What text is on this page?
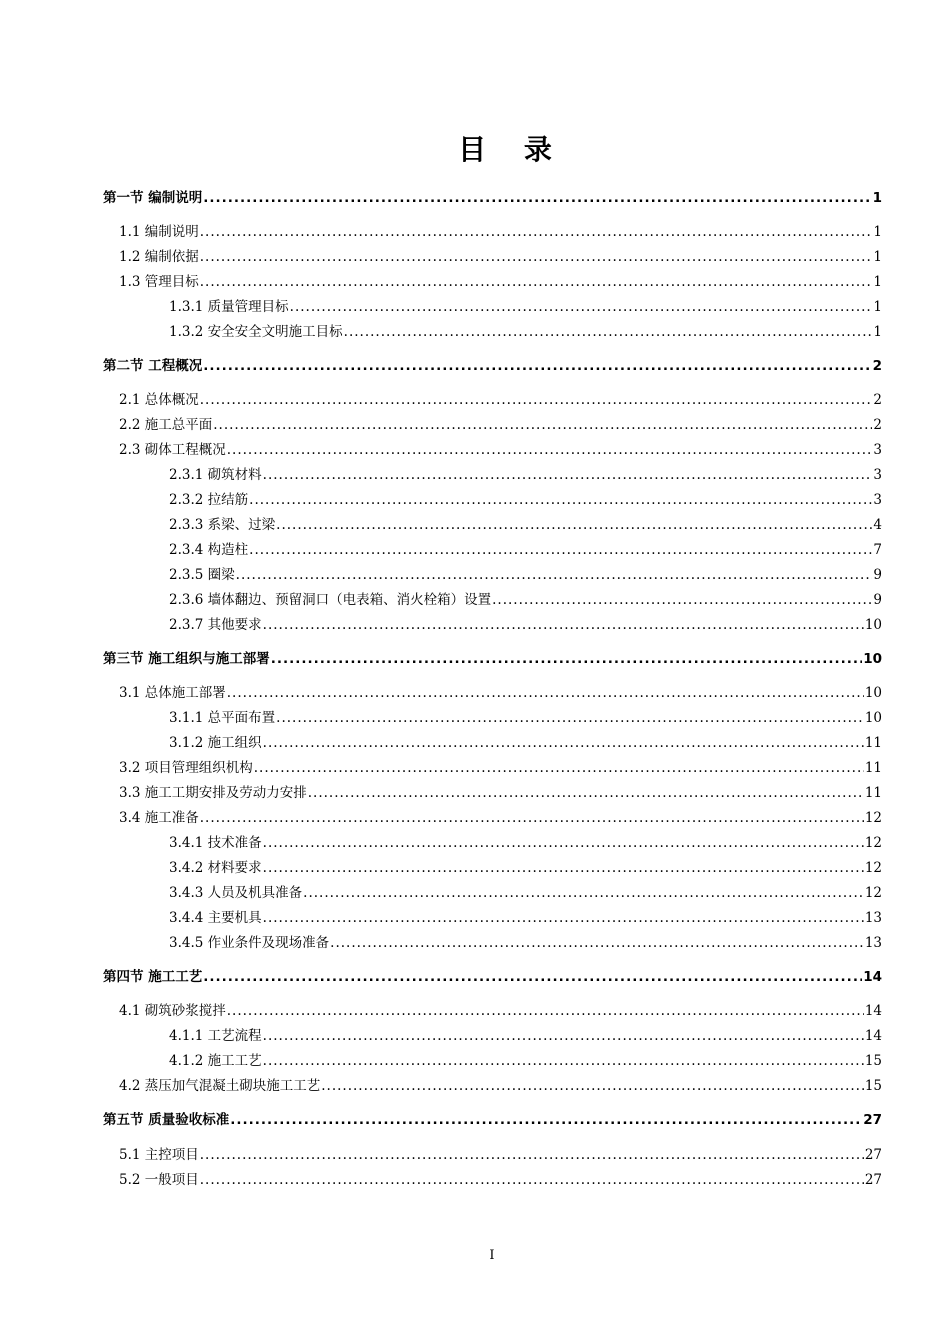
目 录
第一节 编制说明 .....	1
1.1 编制说明 .....	1
1.2 编制依据 .....	1
1.3 管理目标 .....	1
1.3.1 质量管理目标 .....	1
1.3.2 安全安全文明施工目标 .....	1
第二节 工程概况 .....	2
2.1 总体概况 .....	2
2.2 施工总平面 .....	2
2.3 砌体工程概况 .....	3
2.3.1 砌筑材料 .....	3
2.3.2 拉结筋 .....	3
2.3.3 系梁、过梁 .....	4
2.3.4 构造柱 .....	7
2.3.5 圈梁 .....	9
2.3.6 墙体翻边、预留洞口（电表箱、消火栓箱）设置 .....	9
2.3.7 其他要求 .....	10
第三节 施工组织与施工部署 .....	10
3.1 总体施工部署 .....	10
3.1.1 总平面布置 .....	10
3.1.2 施工组织 .....	11
3.2 项目管理组织机构 .....	11
3.3 施工工期安排及劳动力安排 .....	11
3.4 施工准备 .....	12
3.4.1 技术准备 .....	12
3.4.2 材料要求 .....	12
3.4.3 人员及机具准备 .....	12
3.4.4 主要机具 .....	13
3.4.5 作业条件及现场准备 .....	13
第四节 施工工艺 .....	14
4.1 砌筑砂浆搅拌 .....	14
4.1.1 工艺流程 .....	14
4.1.2 施工工艺 .....	15
4.2 蒸压加气混凝土砌块施工工艺 .....	15
第五节 质量验收标准 .....	27
5.1 主控项目 .....	27
5.2 一般项目 .....	27
I
